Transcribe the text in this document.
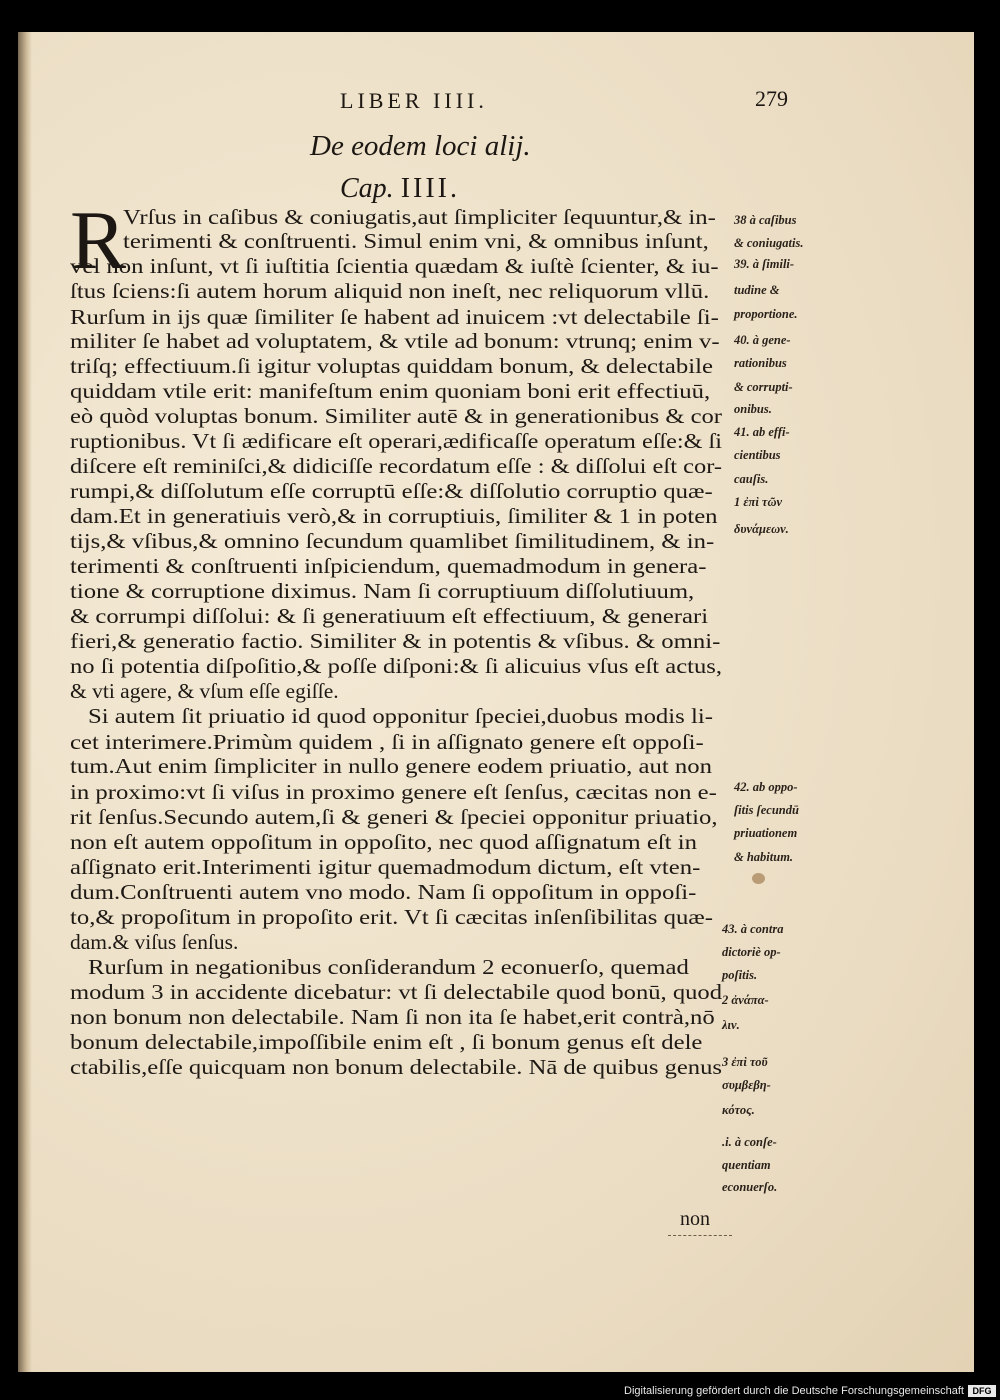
LIBER IIII.	279
De eodem loci alij.
Cap. IIII.
R
Vrſus in caſibus & coniugatis,aut ſimpliciter ſequuntur,& in-
terimenti & conſtruenti. Simul enim vni, & omnibus inſunt,
vel non inſunt, vt ſi iuſtitia ſcientia quædam & iuſtè ſcienter, & iu-
ſtus ſciens:ſi autem horum aliquid non ineſt, nec reliquorum vllū.
Rurſum in ijs quæ ſimiliter ſe habent ad inuicem :vt delectabile ſi-
militer ſe habet ad voluptatem, & vtile ad bonum: vtrunq; enim v-
triſq; effectiuum.ſi igitur voluptas quiddam bonum, & delectabile
quiddam vtile erit: manifeſtum enim quoniam boni erit effectiuū,
eò quòd voluptas bonum. Similiter autē & in generationibus & cor
ruptionibus. Vt ſi ædificare eſt operari,ædificaſſe operatum eſſe:& ſi
diſcere eſt reminiſci,& didiciſſe recordatum eſſe : & diſſolui eſt cor-
rumpi,& diſſolutum eſſe corruptū eſſe:& diſſolutio corruptio quæ-
dam.Et in generatiuis verò,& in corruptiuis, ſimiliter & 1 in poten
tijs,& vſibus,& omnino ſecundum quamlibet ſimilitudinem, & in-
terimenti & conſtruenti inſpiciendum, quemadmodum in genera-
tione & corruptione diximus. Nam ſi corruptiuum diſſolutiuum,
& corrumpi diſſolui: & ſi generatiuum eſt effectiuum, & generari
fieri,& generatio factio. Similiter & in potentis & vſibus. & omni-
no ſi potentia diſpoſitio,& poſſe diſponi:& ſi alicuius vſus eſt actus,
& vti agere, & vſum eſſe egiſſe.
Si autem ſit priuatio id quod opponitur ſpeciei,duobus modis li-
cet interimere.Primùm quidem , ſi in aſſignato genere eſt oppoſi-
tum.Aut enim ſimpliciter in nullo genere eodem priuatio, aut non
in proximo:vt ſi viſus in proximo genere eſt ſenſus, cæcitas non e-
rit ſenſus.Secundo autem,ſi & generi & ſpeciei opponitur priuatio,
non eſt autem oppoſitum in oppoſito, nec quod aſſignatum eſt in
aſſignato erit.Interimenti igitur quemadmodum dictum, eſt vten-
dum.Conſtruenti autem vno modo. Nam ſi oppoſitum in oppoſi-
to,& propoſitum in propoſito erit. Vt ſi cæcitas inſenſibilitas quæ-
dam.& viſus ſenſus.
Rurſum in negationibus conſiderandum 2 econuerſo, quemad
modum 3 in accidente dicebatur: vt ſi delectabile quod bonū, quod
non bonum non delectabile. Nam ſi non ita ſe habet,erit contrà,nō
bonum delectabile,impoſſibile enim eſt , ſi bonum genus eſt dele
ctabilis,eſſe quicquam non bonum delectabile. Nā de quibus genus
38 à caſibus
& coniugatis.
39. à ſimili-
tudine &
proportione.
40. à gene-
rationibus
& corrupti-
onibus.
41. ab effi-
cientibus
cauſis.
1 ἐπὶ τῶν
δυνάμεων.
42. ab oppo-
ſitis ſecundū
priuationem
& habitum.
43. à contra
dictoriè op-
poſitis.
2 ἀνάπα-
λιν.
3 ἐπὶ τοῦ
συμβεβη-
κότος.
.i. à conſe-
quentiam
econuerſo.
non
Digitalisierung gefördert durch die Deutsche Forschungsgemeinschaft DFG
